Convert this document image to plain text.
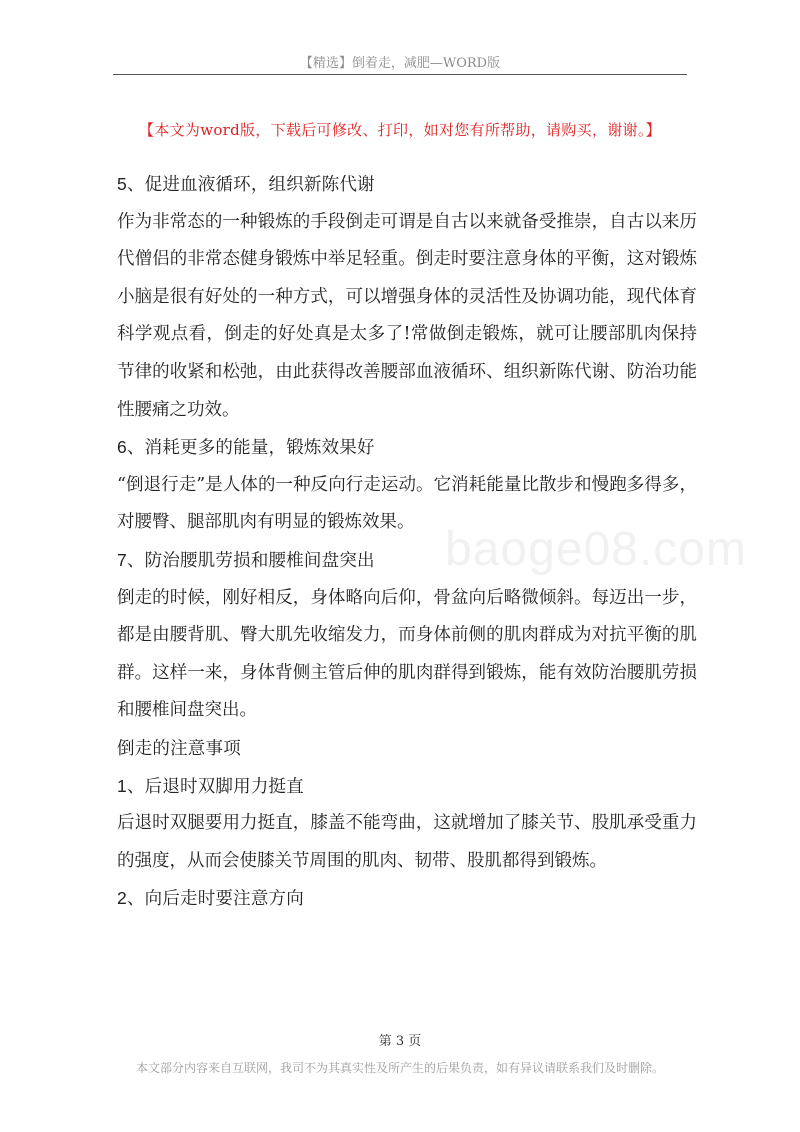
【精选】倒着走，减肥—WORD版
【本文为word版，下载后可修改、打印，如对您有所帮助，请购买，谢谢。】
baoge08.com

5、促进血液循环，组织新陈代谢

作为非常态的一种锻炼的手段倒走可谓是自古以来就备受推崇，自古以来历代僧侣的非常态健身锻炼中举足轻重。倒走时要注意身体的平衡，这对锻炼小脑是很有好处的一种方式，可以增强身体的灵活性及协调功能，现代体育科学观点看，倒走的好处真是太多了!常做倒走锻炼，就可让腰部肌肉保持节律的收紧和松弛，由此获得改善腰部血液循环、组织新陈代谢、防治功能性腰痛之功效。

6、消耗更多的能量，锻炼效果好

“倒退行走”是人体的一种反向行走运动。它消耗能量比散步和慢跑多得多，对腰臀、腿部肌肉有明显的锻炼效果。

7、防治腰肌劳损和腰椎间盘突出

倒走的时候，刚好相反，身体略向后仰，骨盆向后略微倾斜。每迈出一步，都是由腰背肌、臀大肌先收缩发力，而身体前侧的肌肉群成为对抗平衡的肌群。这样一来，身体背侧主管后伸的肌肉群得到锻炼，能有效防治腰肌劳损和腰椎间盘突出。

倒走的注意事项

1、后退时双脚用力挺直

后退时双腿要用力挺直，膝盖不能弯曲，这就增加了膝关节、股肌承受重力的强度，从而会使膝关节周围的肌肉、韧带、股肌都得到锻炼。

2、向后走时要注意方向

第 3 页
本文部分内容来自互联网，我司不为其真实性及所产生的后果负责，如有异议请联系我们及时删除。
